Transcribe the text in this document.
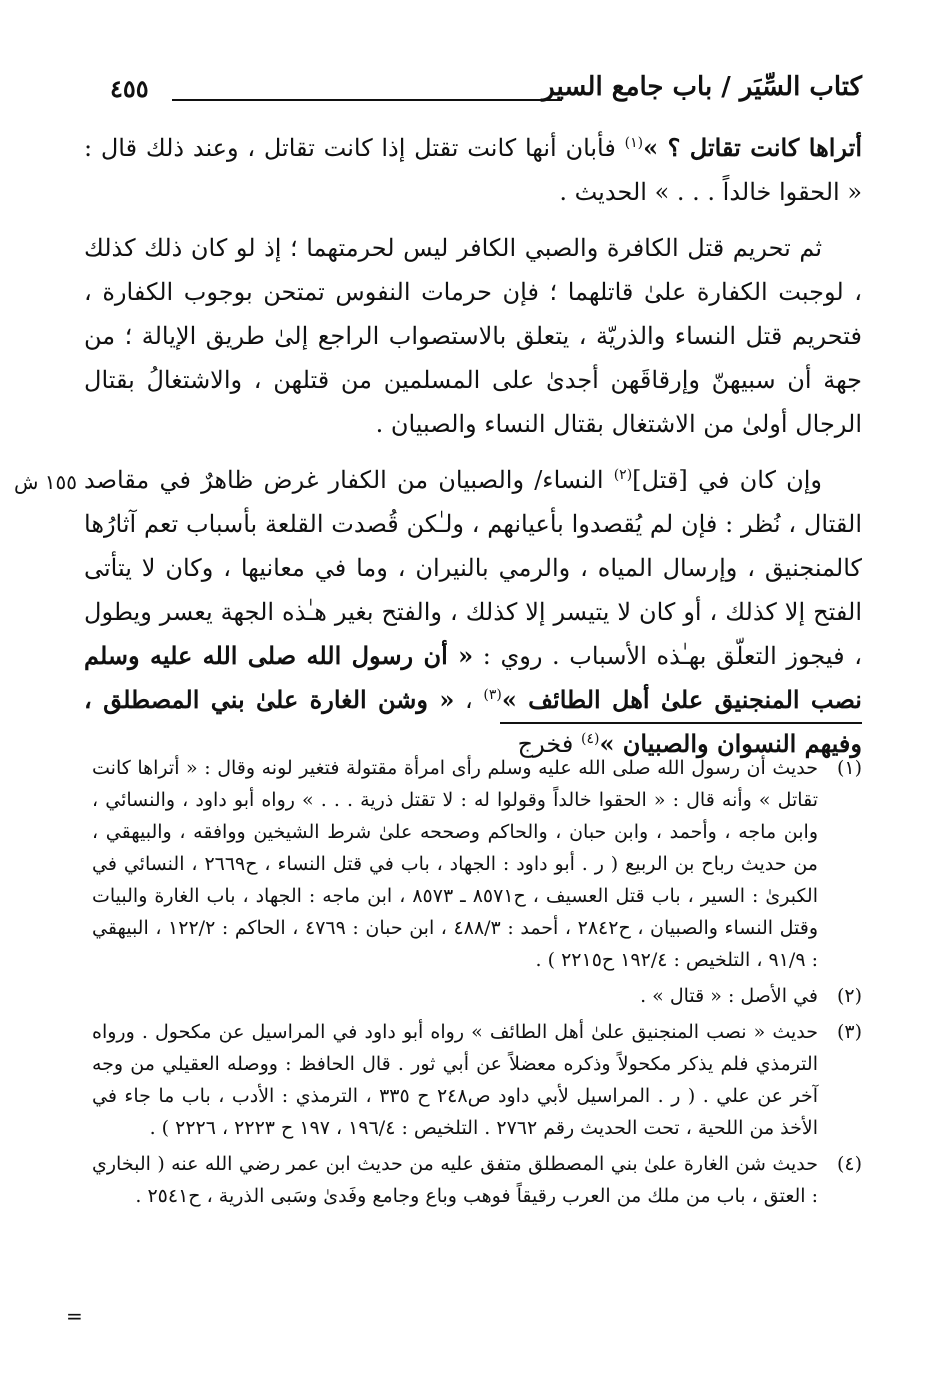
كتاب السِّيَر / باب جامع السير
٤٥٥
١٥٥ ش

أتراها كانت تقاتل ؟ »$^{(١)}$ فأبان أنها كانت تقتل إذا كانت تقاتل ، وعند ذلك قال : « الحقوا خالداً . . . » الحديث .

ثم تحريم قتل الكافرة والصبي الكافر ليس لحرمتهما ؛ إذ لو كان ذلك كذلك ، لوجبت الكفارة علىٰ قاتلهما ؛ فإن حرمات النفوس تمتحن بوجوب الكفارة ، فتحريم قتل النساء والذريّة ، يتعلق بالاستصواب الراجع إلىٰ طريق الإيالة ؛ من جهة أن سبيهنّ وإرقاقَهن أجدىٰ على المسلمين من قتلهن ، والاشتغالُ بقتال الرجال أولىٰ من الاشتغال بقتال النساء والصبيان .

وإن كان في [قتل]$^{(٢)}$ النساء/ والصبيان من الكفار غرض ظاهرٌ في مقاصد القتال ، نُظر : فإن لم يُقصدوا بأعيانهم ، ولـٰكن قُصدت القلعة بأسباب تعم آثارُها كالمنجنيق ، وإرسال المياه ، والرمي بالنيران ، وما في معانيها ، وكان لا يتأتى الفتح إلا كذلك ، أو كان لا يتيسر إلا كذلك ، والفتح بغير هـٰذه الجهة يعسر ويطول ، فيجوز التعلّق بهـٰذه الأسباب . روي : « أن رسول الله صلى الله عليه وسلم نصب المنجنيق علىٰ أهل الطائف »$^{(٣)}$ ، « وشن الغارة علىٰ بني المصطلق ، وفيهم النسوان والصبيان »$^{(٤)}$ فخرج

(١)
حديث أن رسول الله صلى الله عليه وسلم رأى امرأة مقتولة فتغير لونه وقال : « أتراها كانت تقاتل » وأنه قال : « الحقوا خالداً وقولوا له : لا تقتل ذرية . . . » رواه أبو داود ، والنسائي ، وابن ماجه ، وأحمد ، وابن حبان ، والحاكم وصححه علىٰ شرط الشيخين ووافقه ، والبيهقي ، من حديث رباح بن الربيع ( ر . أبو داود : الجهاد ، باب في قتل النساء ، ح٢٦٦٩ ، النسائي في الكبرىٰ : السير ، باب قتل العسيف ، ح٨٥٧١ ـ ٨٥٧٣ ، ابن ماجه : الجهاد ، باب الغارة والبيات وقتل النساء والصبيان ، ح٢٨٤٢ ، أحمد : ٤٨٨/٣ ، ابن حبان : ٤٧٦٩ ، الحاكم : ١٢٢/٢ ، البيهقي : ٩١/٩ ، التلخيص : ١٩٢/٤ ح٢٢١٥ ) .
(٢)
في الأصل : « قتال » .
(٣)
حديث « نصب المنجنيق علىٰ أهل الطائف » رواه أبو داود في المراسيل عن مكحول . ورواه الترمذي فلم يذكر مكحولاً وذكره معضلاً عن أبي ثور . قال الحافظ : ووصله العقيلي من وجه آخر عن علي . ( ر . المراسيل لأبي داود ص٢٤٨ ح ٣٣٥ ، الترمذي : الأدب ، باب ما جاء في الأخذ من اللحية ، تحت الحديث رقم ٢٧٦٢ . التلخيص : ١٩٦/٤ ، ١٩٧ ح ٢٢٢٣ ، ٢٢٢٦ ) .
(٤)
حديث شن الغارة علىٰ بني المصطلق متفق عليه من حديث ابن عمر رضي الله عنه ( البخاري : العتق ، باب من ملك من العرب رقيقاً فوهب وباع وجامع وفَدىٰ وسَبى الذرية ، ح٢٥٤١ .
=
